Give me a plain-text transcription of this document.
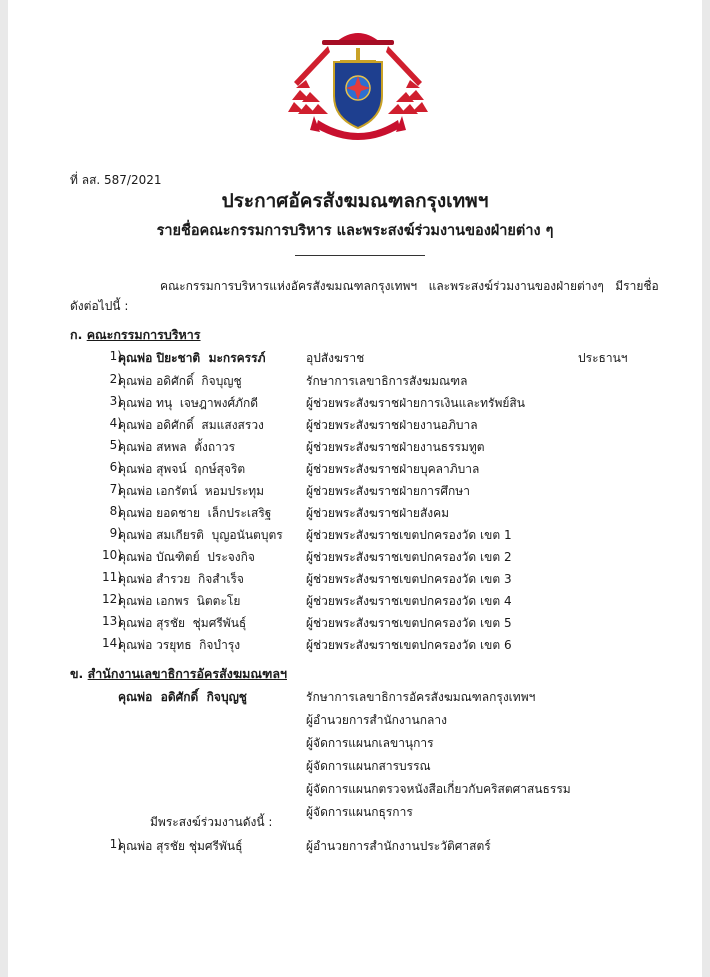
ที่ ลส. 587/2021
ประกาศอัครสังฆมณฑลกรุงเทพฯ
รายชื่อคณะกรรมการบริหาร และพระสงฆ์ร่วมงานของฝ่ายต่าง ๆ
คณะกรรมการบริหารแห่งอัครสังฆมณฑลกรุงเทพฯ   และพระสงฆ์ร่วมงานของฝ่ายต่างๆ   มีรายชื่อ
ดังต่อไปนี้ :
ก. คณะกรรมการบริหาร
1)
คุณพ่อ ปิยะชาติ  มะกรครรภ์	อุปสังฆราช	ประธานฯ
2)
คุณพ่อ อดิศักดิ์  กิจบุญชู	รักษาการเลขาธิการสังฆมณฑล
3)
คุณพ่อ ทนุ  เจษฎาพงศ์ภักดี	ผู้ช่วยพระสังฆราชฝ่ายการเงินและทรัพย์สิน
4)
คุณพ่อ อดิศักดิ์  สมแสงสรวง	ผู้ช่วยพระสังฆราชฝ่ายงานอภิบาล
5)
คุณพ่อ สหพล  ตั้งถาวร	ผู้ช่วยพระสังฆราชฝ่ายงานธรรมทูต
6)
คุณพ่อ สุพจน์  ฤกษ์สุจริต	ผู้ช่วยพระสังฆราชฝ่ายบุคลาภิบาล
7)
คุณพ่อ เอกรัตน์  หอมประทุม	ผู้ช่วยพระสังฆราชฝ่ายการศึกษา
8)
คุณพ่อ ยอดชาย  เล็กประเสริฐ	ผู้ช่วยพระสังฆราชฝ่ายสังคม
9)
คุณพ่อ สมเกียรติ  บุญอนันตบุตร ผู้ช่วยพระสังฆราชเขตปกครองวัด เขต 1
10)
คุณพ่อ บัณฑิตย์  ประจงกิจ	ผู้ช่วยพระสังฆราชเขตปกครองวัด เขต 2
11)
คุณพ่อ สำรวย  กิจสำเร็จ	ผู้ช่วยพระสังฆราชเขตปกครองวัด เขต 3
12)
คุณพ่อ เอกพร  นิตตะโย	ผู้ช่วยพระสังฆราชเขตปกครองวัด เขต 4
13)
คุณพ่อ สุรชัย  ชุ่มศรีพันธุ์	ผู้ช่วยพระสังฆราชเขตปกครองวัด เขต 5
14)
คุณพ่อ วรยุทธ  กิจบำรุง	ผู้ช่วยพระสังฆราชเขตปกครองวัด เขต 6
ข. สำนักงานเลขาธิการอัครสังฆมณฑลฯ
คุณพ่อ  อดิศักดิ์  กิจบุญชู	รักษาการเลขาธิการอัครสังฆมณฑลกรุงเทพฯ
ผู้อำนวยการสำนักงานกลาง
ผู้จัดการแผนกเลขานุการ
ผู้จัดการแผนกสารบรรณ
ผู้จัดการแผนกตรวจหนังสือเกี่ยวกับคริสตศาสนธรรม
ผู้จัดการแผนกธุรการ
มีพระสงฆ์ร่วมงานดังนี้ :
1)
คุณพ่อ สุรชัย ชุ่มศรีพันธุ์	ผู้อำนวยการสำนักงานประวัติศาสตร์
